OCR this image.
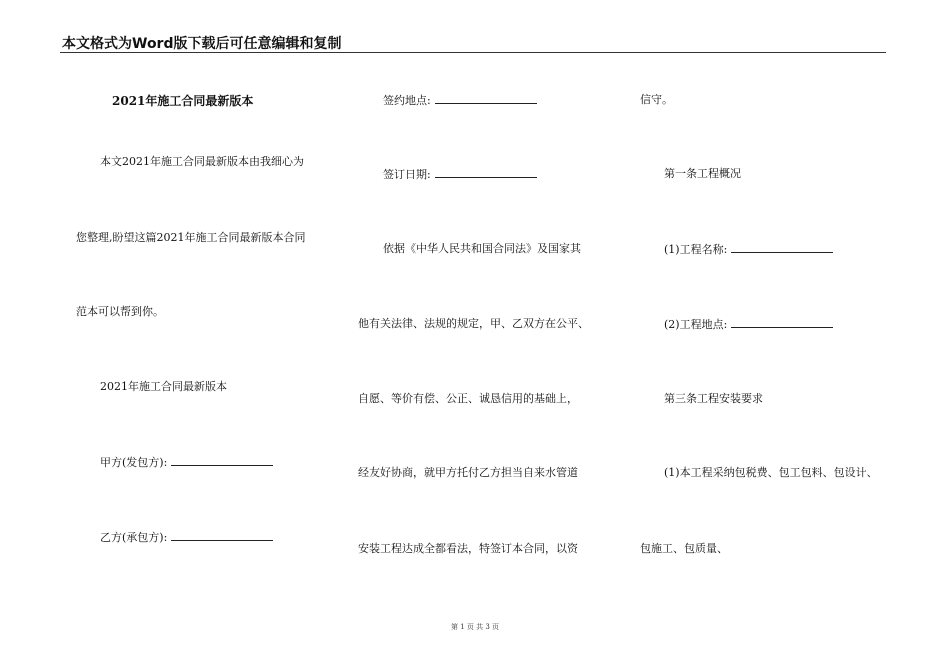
本文格式为Word版下载后可任意编辑和复制
2021年施工合同最新版本
本文2021年施工合同最新版本由我细心为
您整理,盼望这篇2021年施工合同最新版本合同
范本可以帮到你。
2021年施工合同最新版本
甲方(发包方):
乙方(承包方):
签约地点:
签订日期:
依据《中华人民共和国合同法》及国家其
他有关法律、法规的规定，甲、乙双方在公平、
自愿、等价有偿、公正、诚恳信用的基础上，
经友好协商，就甲方托付乙方担当自来水管道
安装工程达成全都看法，特签订本合同，以资
信守。
第一条工程概况
(1)工程名称:
(2)工程地点:
第三条工程安装要求
(1)本工程采纳包税费、包工包料、包设计、
包施工、包质量、
第 1 页 共 3 页
